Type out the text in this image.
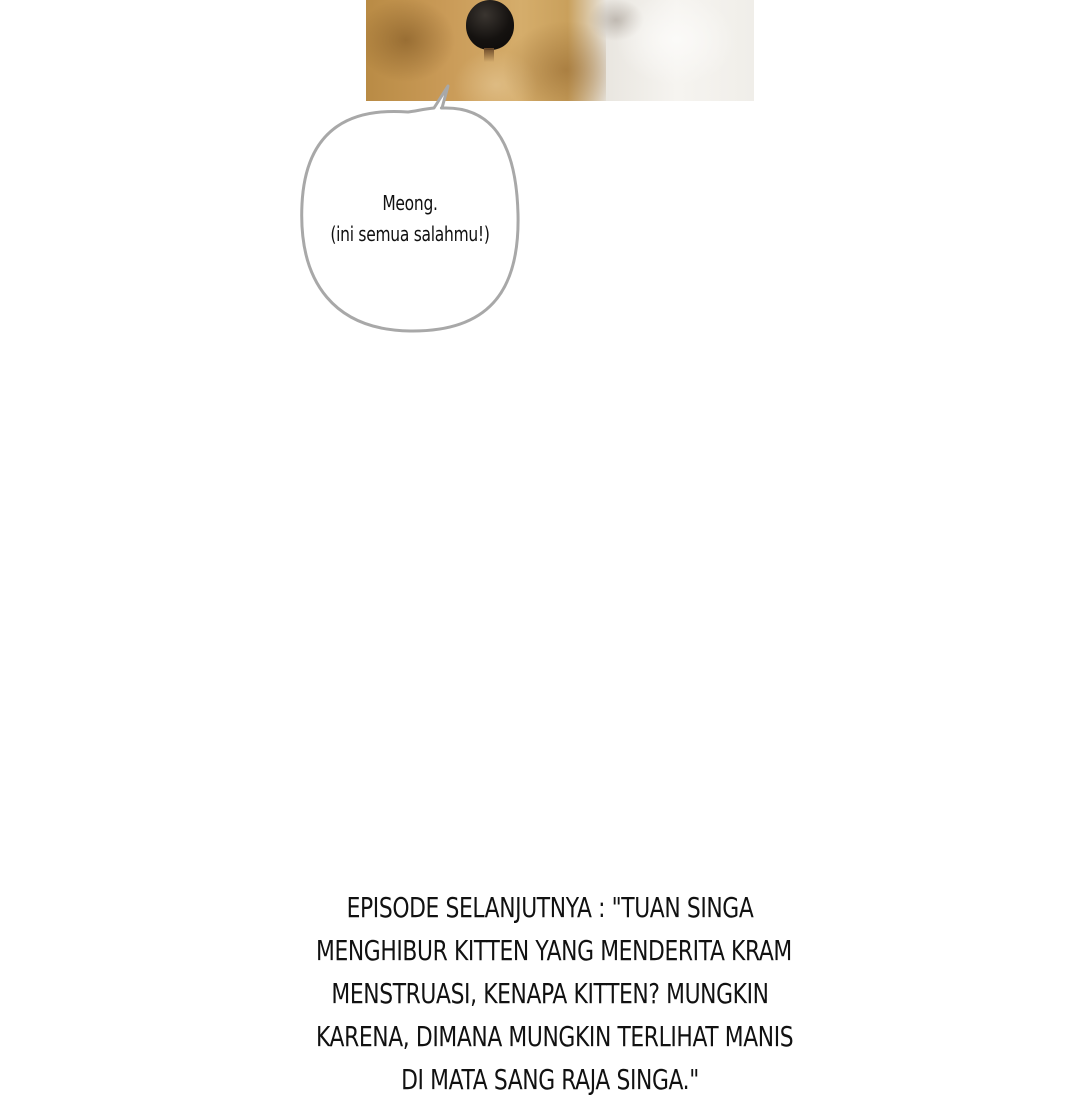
Meong.
(ini semua salahmu!)
EPISODE SELANJUTNYA : "TUAN SINGA
MENGHIBUR KITTEN YANG MENDERITA KRAM
MENSTRUASI, KENAPA KITTEN? MUNGKIN
KARENA, DIMANA MUNGKIN TERLIHAT MANIS
DI MATA SANG RAJA SINGA."
